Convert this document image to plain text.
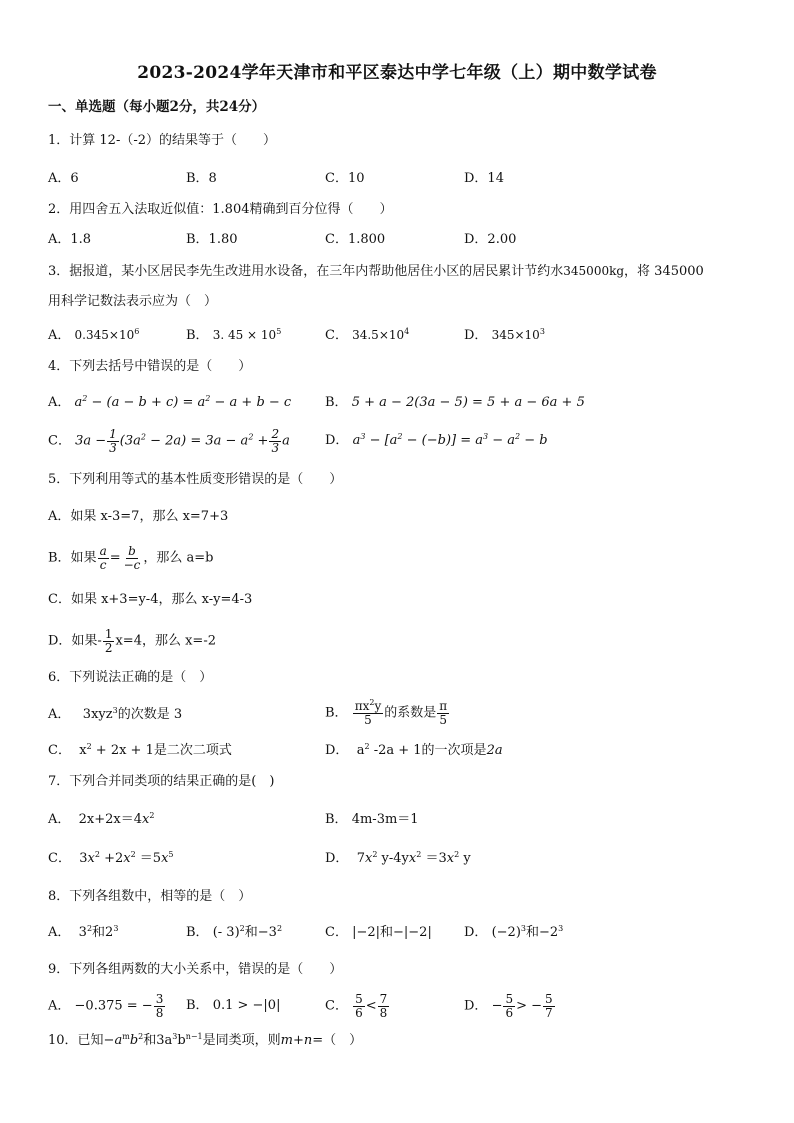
2023-2024学年天津市和平区泰达中学七年级（上）期中数学试卷
一、单选题（每小题2分，共24分）
1．计算 12-（-2）的结果等于（　　）
A．6	B．8	C．10	D．14
2．用四舍五入法取近似值：1.804精确到百分位得（　　）
A．1.8	B．1.80	C．1.800	D．2.00
3．据报道，某小区居民李先生改进用水设备，在三年内帮助他居住小区的居民累计节约水345000kg，将 345000
用科学记数法表示应为（　）
A． $0.345\times 10^6$	B． 3. $45 \times 10^5$	C． $34.5\times 10^4$	D． $345\times 10^3$
4．下列去括号中错误的是（　　）
A． $a^2 - (a - b + c) = a^2 - a + b - c$	B． 5 + a − 2(3a − 5) = 5 + a − 6a + 5
C． $3a - \frac{1}{3} (3a^2 - 2a) = 3a - a^2 + \frac{2}{3}$ a	D． $a^3 - [a^2 - (-b)] = a^3 - a^2 - b$
5．下列利用等式的基本性质变形错误的是（　　）
A．如果 x-3=7，那么 x=7+3
B．如果 $\frac{a}{c} = \frac{b}{-c}$ ，那么 a=b
C．如果 x+3=y-4，那么 x-y=4-3
D．如果- $\frac{1}{2} x=4$，那么 x=-2
6．下列说法正确的是（　）
A．   3xyz$^3$的次数是 3	B． $\frac{\pi x^2y}{5}$ 的系数是 $\frac{\pi}{5}$
C．  $x^2 + 2x + 1$是二次二项式	D．  $a^2$ -2a + 1的一次项是2a
7．下列合并同类项的结果正确的是(　)
A．  $2x+2x=4x^2$	B． 4m-3m＝1
C．  $3x^2 +2x^2 =5x^5$	D．  $7x^2$ $y-4yx^2 =3x^2$ y
8．下列各组数中，相等的是（　）
A．  $3^2$和$2^3$	B． (- 3)$^2$和$-3^2$	C． |−2|和−|−2| D． $(-2)^3$和$-2^3$
9．下列各组两数的大小关系中，错误的是（　　）
A． −0.375 = − $\frac{3}{8}$ B． 0.1 > −|0|	C． $\frac{5}{6} < \frac{7}{8}$	D． − $\frac{5}{6}$ > − $\frac{5}{7}$
10．已知$-a^mb^2$和$3a^3b^{n-1}$是同类项，则m+n=（　）
